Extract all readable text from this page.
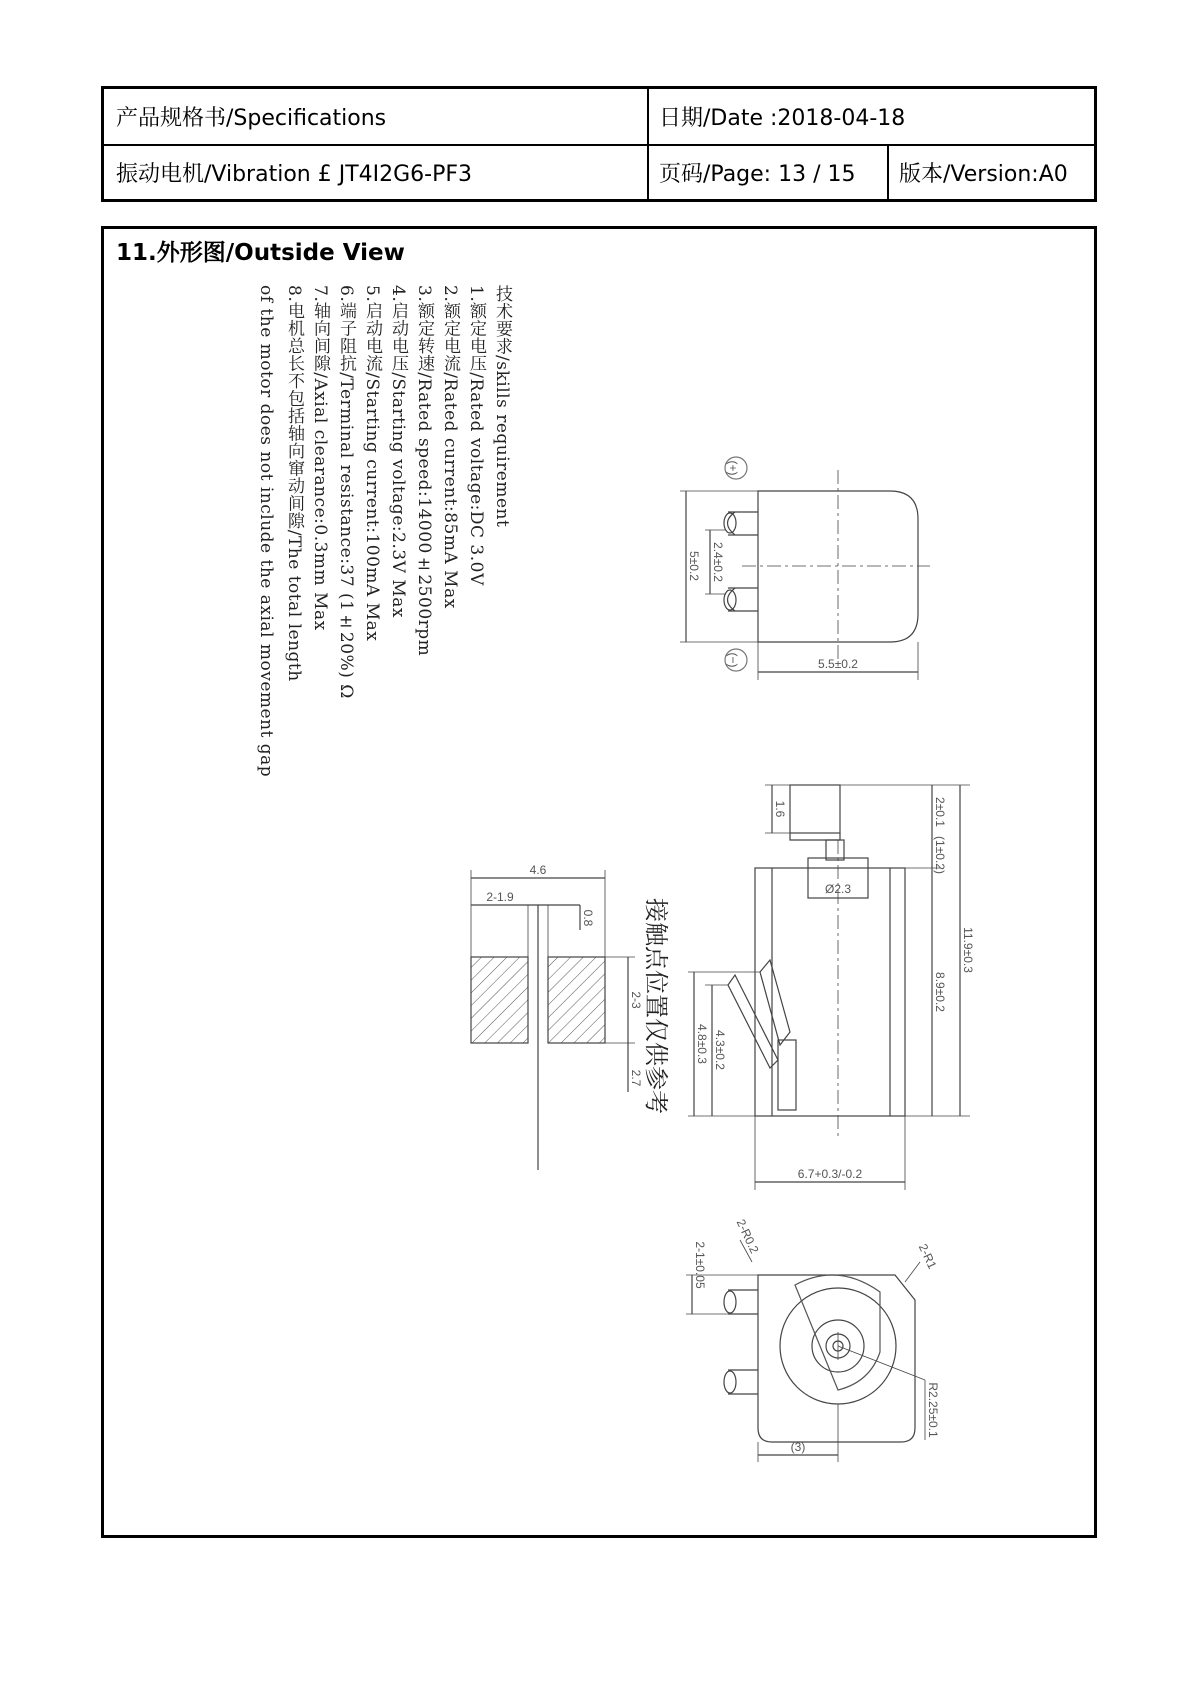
产品规格书/Specifications	日期/Date :2018-04-18
振动电机/Vibration £ JT4I2G6-PF3	页码/Page: 13 / 15	版本/Version:A0
11.外形图/Outside View
技术要求/skills requirement
1.额定电压/Rated voltage:DC 3.0V
2.额定电流/Rated current:85mA Max
3.额定转速/Rated speed:14000±2500rpm
4.启动电压/Starting voltage:2.3V Max
5.启动电流/Starting current:100mA Max
6.端子阻抗/Terminal resistance:37 (1±20%) Ω
7.轴向间隙/Axial clearance:0.3mm Max
8.电机总长不包括轴向窜动间隙/The total length
of the motor does not include the axial movement gap	(+)
(−)
5±0.2 2.4±0.2
5.5±0.2
1.6	2±0.1
(1±0.2)
Ø2.3
11.9±0.3
8.9±0.2
4.3±0.2
4.8±0.3
6.7+0.3/-0.2
4.6
2-1.9
0.8
2-3
2.7
2-R0.2
2-R1
2-1±0.05
R2.25±0.1
(3)
接触点位置仅供参考
